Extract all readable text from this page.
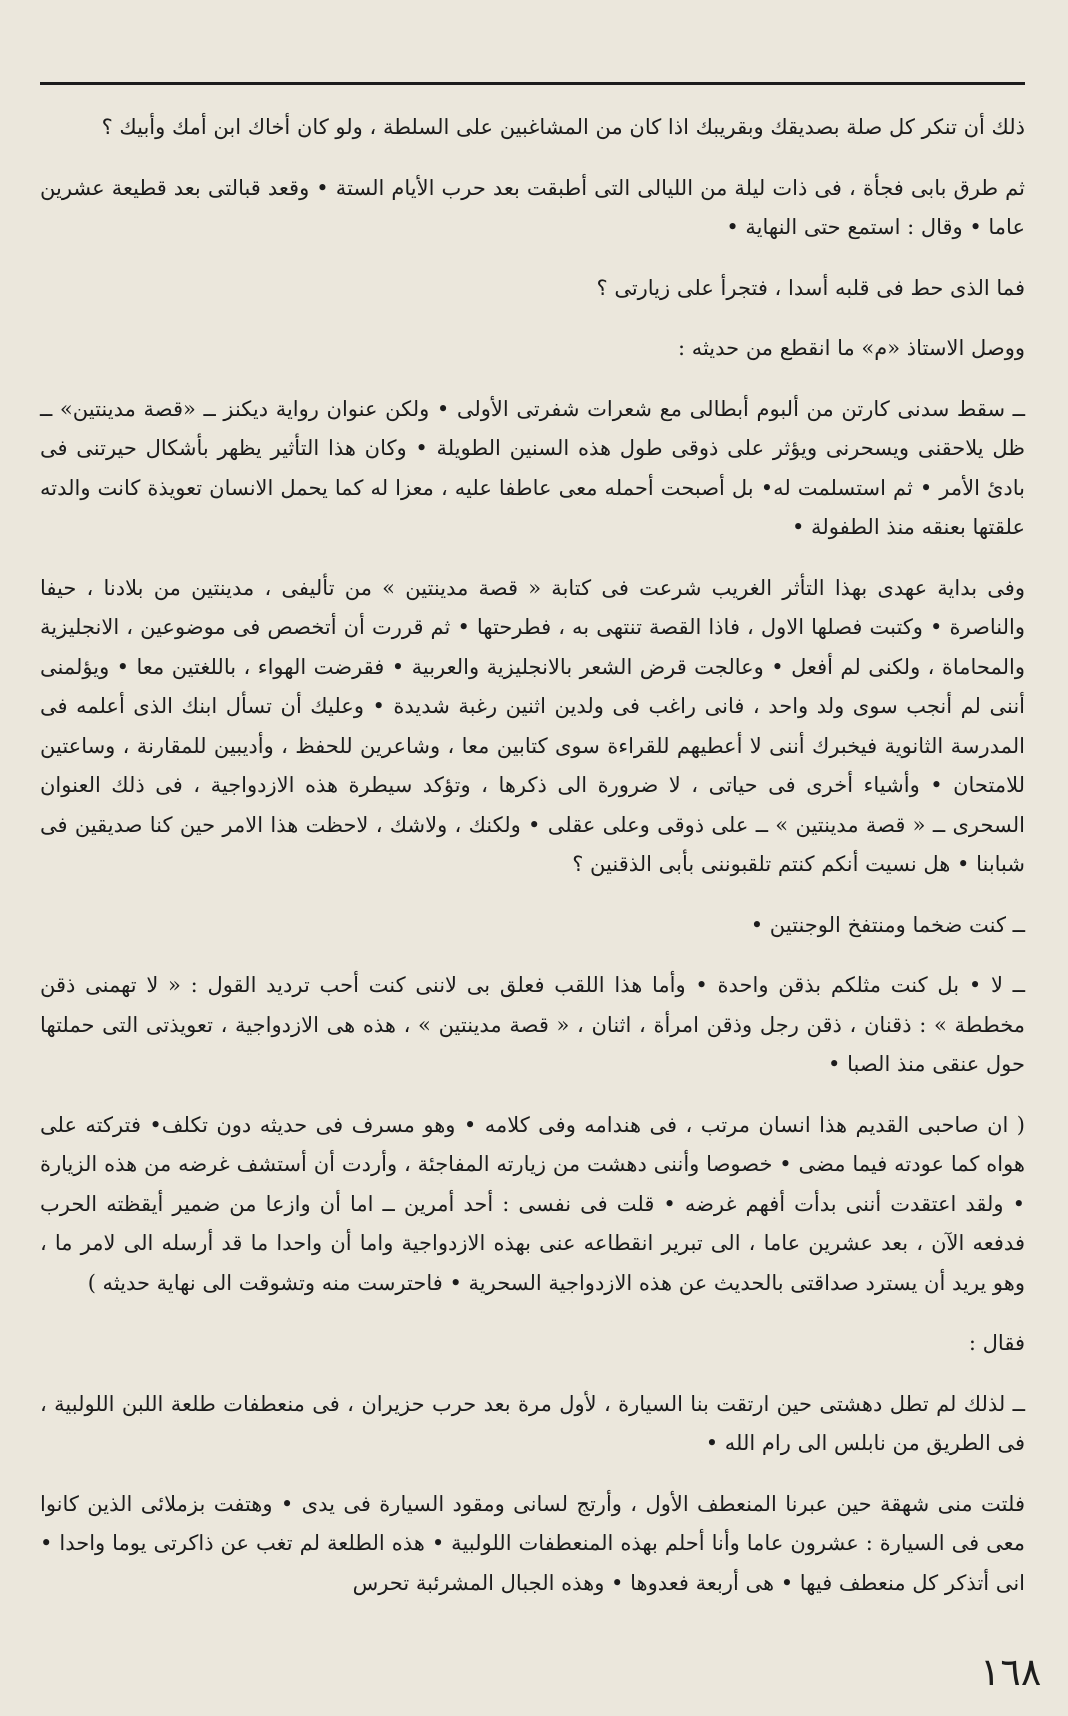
ذلك أن تنكر كل صلة بصديقك وبقريبك اذا كان من المشاغبين على السلطة ، ولو كان أخاك ابن أمك وأبيك ؟

ثم طرق بابى فجأة ، فى ذات ليلة من الليالى التى أطبقت بعد حرب الأيام الستة • وقعد قبالتى بعد قطيعة عشرين عاما • وقال : استمع حتى النهاية •

فما الذى حط فى قلبه أسدا ، فتجرأ على زيارتى ؟

ووصل الاستاذ «م» ما انقطع من حديثه :

ــ سقط سدنى كارتن من ألبوم أبطالى مع شعرات شفرتى الأولى • ولكن عنوان رواية ديكنز ــ «قصة مدينتين» ــ ظل يلاحقنى ويسحرنى ويؤثر على ذوقى طول هذه السنين الطويلة • وكان هذا التأثير يظهر بأشكال حيرتنى فى بادئ الأمر • ثم استسلمت له• بل أصبحت أحمله معى عاطفا عليه ، معزا له كما يحمل الانسان تعويذة كانت والدته علقتها بعنقه منذ الطفولة •

وفى بداية عهدى بهذا التأثر الغريب شرعت فى كتابة « قصة مدينتين » من تأليفى ، مدينتين من بلادنا ، حيفا والناصرة • وكتبت فصلها الاول ، فاذا القصة تنتهى به ، فطرحتها • ثم قررت أن أتخصص فى موضوعين ، الانجليزية والمحاماة ، ولكنى لم أفعل • وعالجت قرض الشعر بالانجليزية والعربية • فقرضت الهواء ، باللغتين معا • ويؤلمنى أننى لم أنجب سوى ولد واحد ، فانى راغب فى ولدين اثنين رغبة شديدة • وعليك أن تسأل ابنك الذى أعلمه فى المدرسة الثانوية فيخبرك أننى لا أعطيهم للقراءة سوى كتابين معا ، وشاعرين للحفظ ، وأديبين للمقارنة ، وساعتين للامتحان • وأشياء أخرى فى حياتى ، لا ضرورة الى ذكرها ، وتؤكد سيطرة هذه الازدواجية ، فى ذلك العنوان السحرى ــ « قصة مدينتين » ــ على ذوقى وعلى عقلى • ولكنك ، ولاشك ، لاحظت هذا الامر حين كنا صديقين فى شبابنا • هل نسيت أنكم كنتم تلقبوننى بأبى الذقنين ؟

ــ كنت ضخما ومنتفخ الوجنتين •

ــ لا • بل كنت مثلكم بذقن واحدة • وأما هذا اللقب فعلق بى لاننى كنت أحب ترديد القول : « لا تهمنى ذقن مخططة » : ذقنان ، ذقن رجل وذقن امرأة ، اثنان ، « قصة مدينتين » ، هذه هى الازدواجية ، تعويذتى التى حملتها حول عنقى منذ الصبا •

( ان صاحبى القديم هذا انسان مرتب ، فى هندامه وفى كلامه • وهو مسرف فى حديثه دون تكلف• فتركته على هواه كما عودته فيما مضى • خصوصا وأننى دهشت من زيارته المفاجئة ، وأردت أن أستشف غرضه من هذه الزيارة • ولقد اعتقدت أننى بدأت أفهم غرضه • قلت فى نفسى : أحد أمرين ــ اما أن وازعا من ضمير أيقظته الحرب فدفعه الآن ، بعد عشرين عاما ، الى تبرير انقطاعه عنى بهذه الازدواجية واما أن واحدا ما قد أرسله الى لامر ما ، وهو يريد أن يسترد صداقتى بالحديث عن هذه الازدواجية السحرية • فاحترست منه وتشوقت الى نهاية حديثه )

فقال :

ــ لذلك لم تطل دهشتى حين ارتقت بنا السيارة ، لأول مرة بعد حرب حزيران ، فى منعطفات طلعة اللبن اللولبية ، فى الطريق من نابلس الى رام الله •

فلتت منى شهقة حين عبرنا المنعطف الأول ، وأرتج لسانى ومقود السيارة فى يدى • وهتفت بزملائى الذين كانوا معى فى السيارة : عشرون عاما وأنا أحلم بهذه المنعطفات اللولبية • هذه الطلعة لم تغب عن ذاكرتى يوما واحدا • انى أتذكر كل منعطف فيها • هى أربعة فعدوها • وهذه الجبال المشرئبة تحرس

١٦٨
